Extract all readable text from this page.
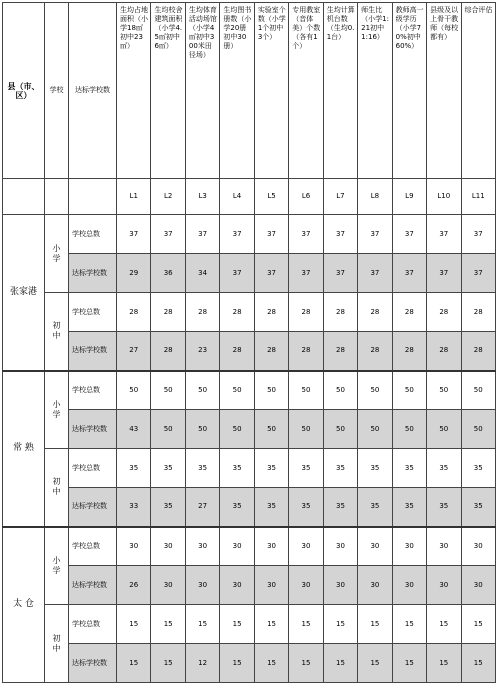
县（市、区）	学校	达标学校数	生均占地面积（小学18㎡初中23㎡）	生均校舍建筑面积（小学4.5㎡初中6㎡）	生均体育活动场馆（小学4㎡初中300米田径场）	生均图书册数（小学20册初中30册）	实验室个数（小学1个初中3个）	专用教室（音体美）个数（各有1个）	生均计算机台数（生均0.1台）	师生比（小学1:21初中1:16）	教师高一级学历（小学70%初中60%）	县级及以上骨干教师（每校都有）	综合评估
			L1	L2	L3	L4	L5	L6	L7	L8	L9	L10	L11
张家港	小学	学校总数	37	37	37	37	37	37	37	37	37	37	37
		达标学校数	29	36	34	37	37	37	37	37	37	37	37
	初中	学校总数	28	28	28	28	28	28	28	28	28	28	28
		达标学校数	27	28	23	28	28	28	28	28	28	28	28
常 熟	小学	学校总数	50	50	50	50	50	50	50	50	50	50	50
		达标学校数	43	50	50	50	50	50	50	50	50	50	50
	初中	学校总数	35	35	35	35	35	35	35	35	35	35	35
		达标学校数	33	35	27	35	35	35	35	35	35	35	35
太 仓	小学	学校总数	30	30	30	30	30	30	30	30	30	30	30
		达标学校数	26	30	30	30	30	30	30	30	30	30	30
	初中	学校总数	15	15	15	15	15	15	15	15	15	15	15
		达标学校数	15	15	12	15	15	15	15	15	15	15	15
